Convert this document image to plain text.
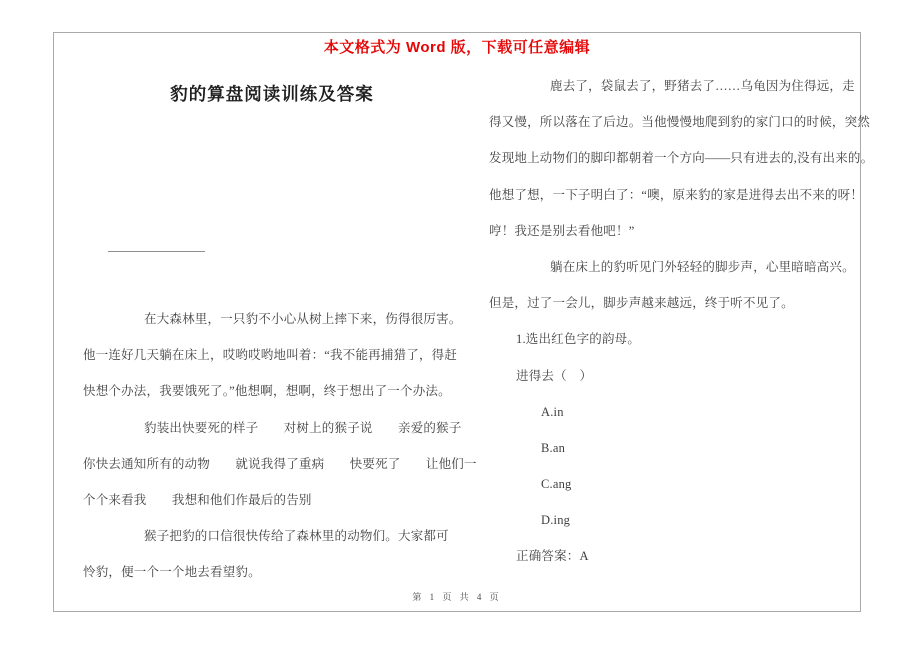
本文格式为 Word 版，下载可任意编辑
豹的算盘阅读训练及答案
在大森林里，一只豹不小心从树上摔下来，伤得很厉害。
他一连好几天躺在床上，哎哟哎哟地叫着：“我不能再捕猎了，得赶
快想个办法，我要饿死了。”他想啊，想啊，终于想出了一个办法。
豹装出快要死的样子　　对树上的猴子说　　亲爱的猴子
你快去通知所有的动物　　就说我得了重病　　快要死了　　让他们一
个个来看我　　我想和他们作最后的告别
猴子把豹的口信很快传给了森林里的动物们。大家都可
怜豹，便一个一个地去看望豹。
鹿去了，袋鼠去了，野猪去了……乌龟因为住得远，走
得又慢，所以落在了后边。当他慢慢地爬到豹的家门口的时候，突然
发现地上动物们的脚印都朝着一个方向——只有进去的,没有出来的。
他想了想，一下子明白了：“噢，原来豹的家是进得去出不来的呀！
哼！我还是别去看他吧！”
躺在床上的豹听见门外轻轻的脚步声，心里暗暗高兴。
但是，过了一会儿，脚步声越来越远，终于听不见了。
1.选出红色字的韵母。
进得去（　）
A.in
B.an
C.ang
D.ing
正确答案：A
第 1 页 共 4 页
